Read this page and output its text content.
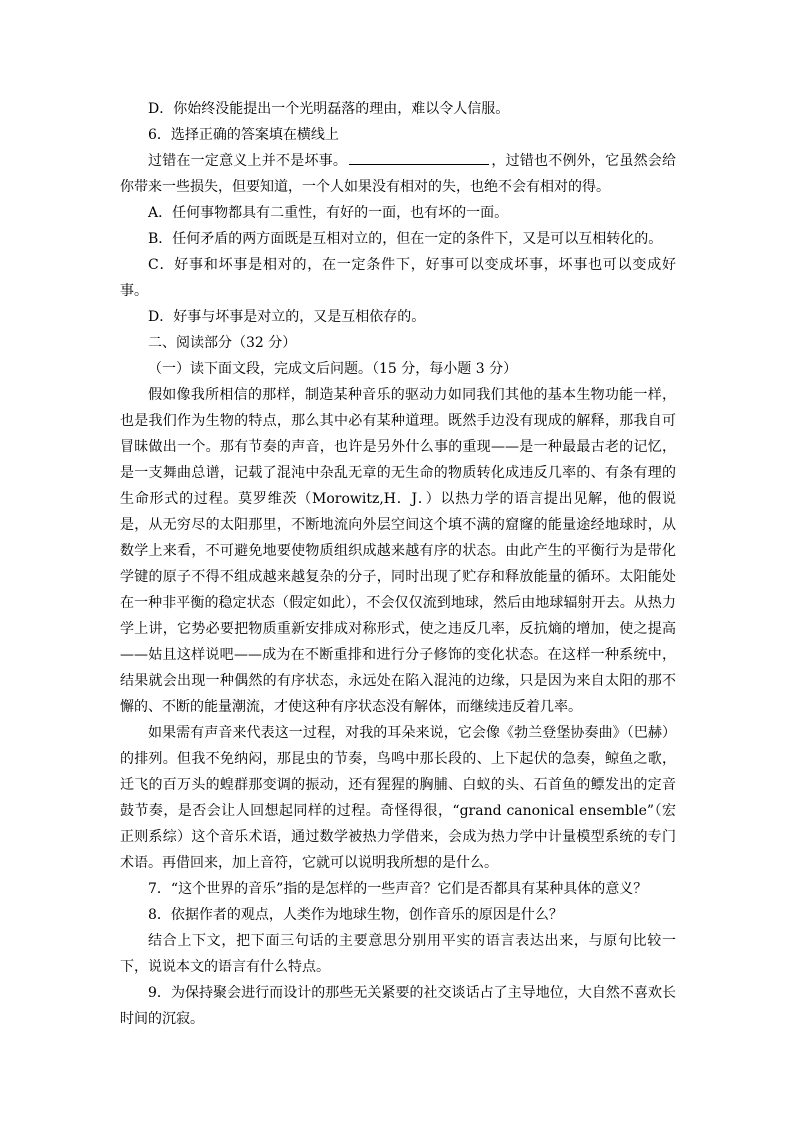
D．你始终没能提出一个光明磊落的理由，难以令人信服。

6．选择正确的答案填在横线上

过错在一定意义上并不是坏事。	，过错也不例外，它虽然会给你带来一些损失，但要知道，一个人如果没有相对的失，也绝不会有相对的得。

A．任何事物都具有二重性，有好的一面，也有坏的一面。

B．任何矛盾的两方面既是互相对立的，但在一定的条件下，又是可以互相转化的。

C．好事和坏事是相对的，在一定条件下，好事可以变成坏事，坏事也可以变成好事。

D．好事与坏事是对立的，又是互相依存的。

二、阅读部分（32 分）

（一）读下面文段，完成文后问题。（15 分，每小题 3 分）

假如像我所相信的那样，制造某种音乐的驱动力如同我们其他的基本生物功能一样，也是我们作为生物的特点，那么其中必有某种道理。既然手边没有现成的解释，那我自可冒昧做出一个。那有节奏的声音，也许是另外什么事的重现——是一种最最古老的记忆，是一支舞曲总谱，记载了混沌中杂乱无章的无生命的物质转化成违反几率的、有条有理的生命形式的过程。莫罗维茨（Morowitz,H．J．）以热力学的语言提出见解，他的假说是，从无穷尽的太阳那里，不断地流向外层空间这个填不满的窟窿的能量途经地球时，从数学上来看，不可避免地要使物质组织成越来越有序的状态。由此产生的平衡行为是带化学键的原子不得不组成越来越复杂的分子，同时出现了贮存和释放能量的循环。太阳能处在一种非平衡的稳定状态（假定如此），不会仅仅流到地球，然后由地球辐射开去。从热力学上讲，它势必要把物质重新安排成对称形式，使之违反几率，反抗熵的增加，使之提高——姑且这样说吧——成为在不断重排和进行分子修饰的变化状态。在这样一种系统中，结果就会出现一种偶然的有序状态，永远处在陷入混沌的边缘，只是因为来自太阳的那不懈的、不断的能量潮流，才使这种有序状态没有解体，而继续违反着几率。

如果需有声音来代表这一过程，对我的耳朵来说，它会像《勃兰登堡协奏曲》（巴赫）的排列。但我不免纳闷，那昆虫的节奏，鸟鸣中那长段的、上下起伏的急奏，鲸鱼之歌，迁飞的百万头的蝗群那变调的振动，还有猩猩的胸脯、白蚁的头、石首鱼的鳔发出的定音鼓节奏，是否会让人回想起同样的过程。奇怪得很，“grand canonical ensemble”（宏正则系综）这个音乐术语，通过数学被热力学借来，会成为热力学中计量模型系统的专门术语。再借回来，加上音符，它就可以说明我所想的是什么。

7．“这个世界的音乐”指的是怎样的一些声音？它们是否都具有某种具体的意义？

8．依据作者的观点，人类作为地球生物，创作音乐的原因是什么？

结合上下文，把下面三句话的主要意思分别用平实的语言表达出来，与原句比较一下，说说本文的语言有什么特点。

9．为保持聚会进行而设计的那些无关紧要的社交谈话占了主导地位，大自然不喜欢长时间的沉寂。
